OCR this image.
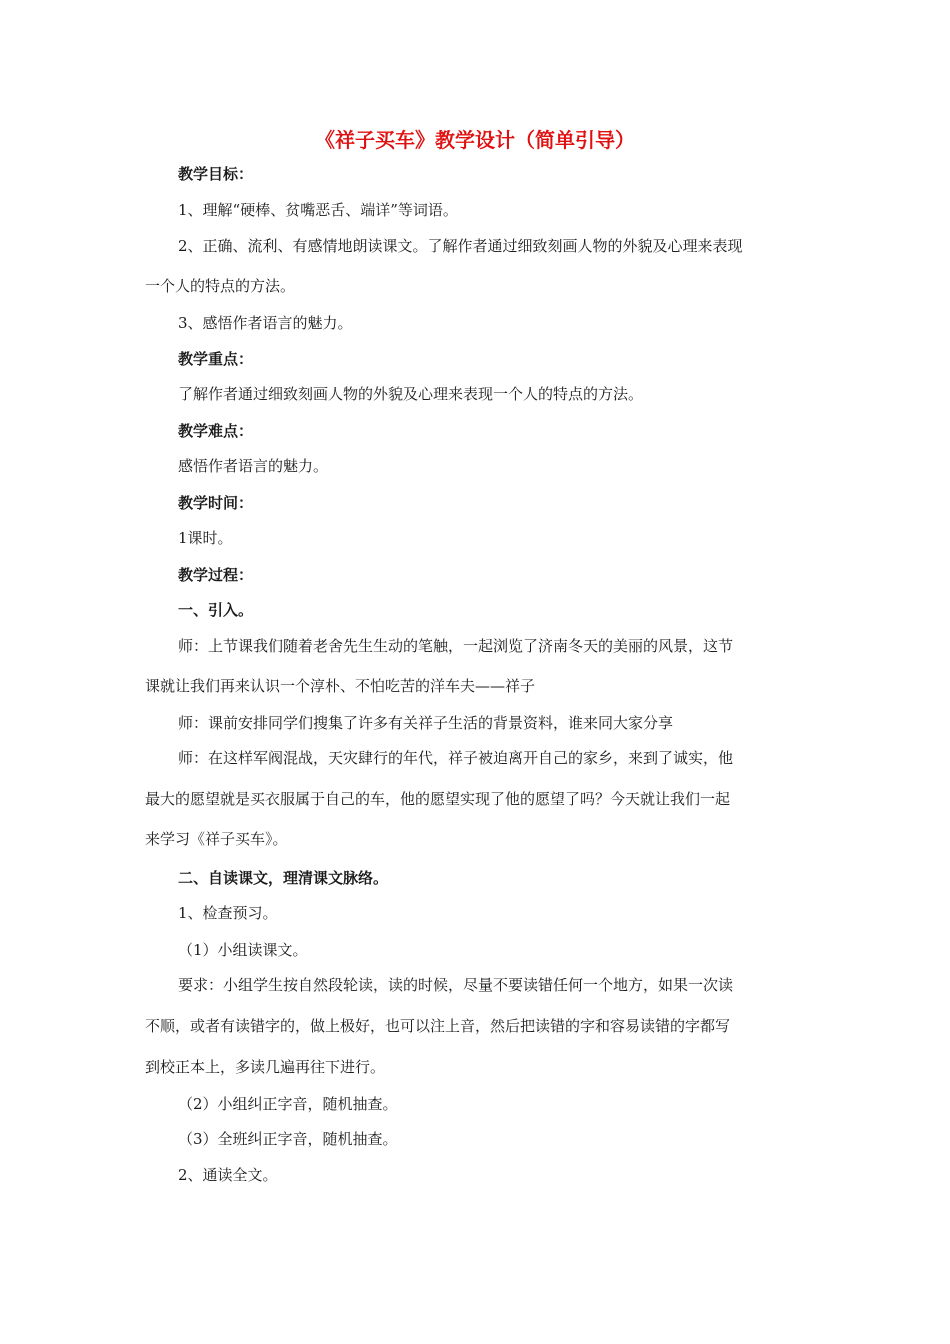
《祥子买车》教学设计（简单引导）
教学目标：
1、理解“硬棒、贫嘴恶舌、端详”等词语。
2、正确、流利、有感情地朗读课文。了解作者通过细致刻画人物的外貌及心理来表现
一个人的特点的方法。
3、感悟作者语言的魅力。
教学重点：
了解作者通过细致刻画人物的外貌及心理来表现一个人的特点的方法。
教学难点：
感悟作者语言的魅力。
教学时间：
1课时。
教学过程：
一、引入。
师：上节课我们随着老舍先生生动的笔触，一起浏览了济南冬天的美丽的风景，这节
课就让我们再来认识一个淳朴、不怕吃苦的洋车夫——祥子
师：课前安排同学们搜集了许多有关祥子生活的背景资料，谁来同大家分享
师：在这样军阀混战，天灾肆行的年代，祥子被迫离开自己的家乡，来到了诚实，他
最大的愿望就是买衣服属于自己的车，他的愿望实现了他的愿望了吗？今天就让我们一起
来学习《祥子买车》。
二、自读课文，理清课文脉络。
1、检查预习。
（1）小组读课文。
要求：小组学生按自然段轮读，读的时候，尽量不要读错任何一个地方，如果一次读
不顺，或者有读错字的，做上极好，也可以注上音，然后把读错的字和容易读错的字都写
到校正本上，多读几遍再往下进行。
（2）小组纠正字音，随机抽查。
（3）全班纠正字音，随机抽查。
2、通读全文。
